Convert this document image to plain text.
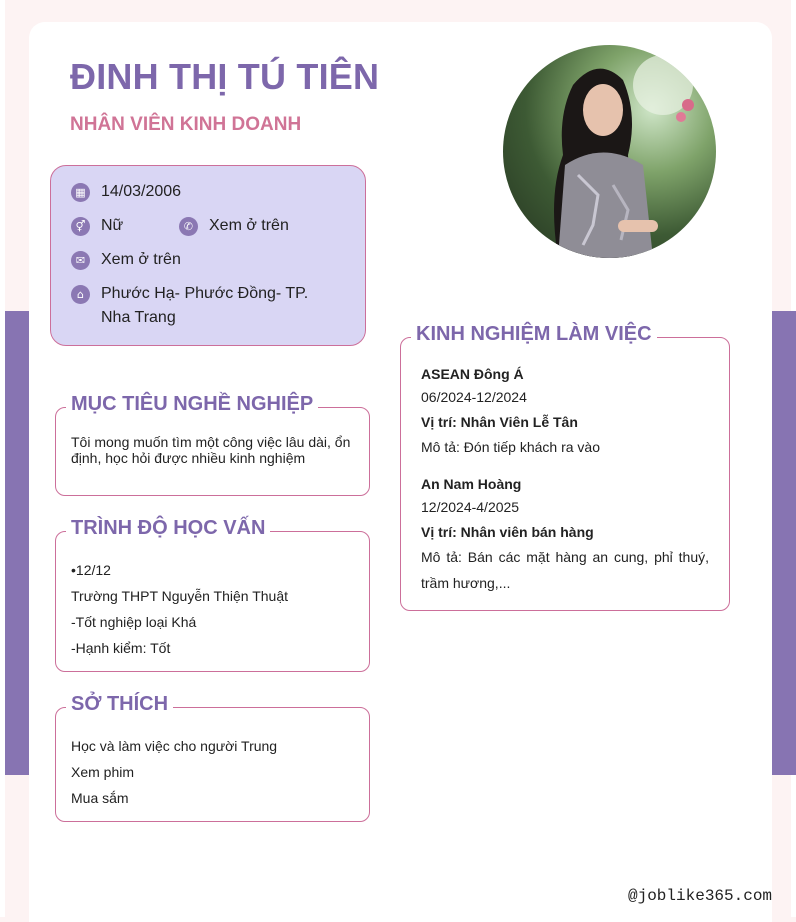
ĐINH THỊ TÚ TIÊN
NHÂN VIÊN KINH DOANH
▦ 14/03/2006
⚥ Nữ	✆ Xem ở trên
✉ Xem ở trên
⌂	Phước Hạ- Phước Đồng- TP. Nha Trang
MỤC TIÊU NGHỀ NGHIỆP
Tôi mong muốn tìm một công việc lâu dài, ổn định, học hỏi được nhiều kinh nghiệm
TRÌNH ĐỘ HỌC VẤN
•12/12
Trường THPT Nguyễn Thiện Thuật
-Tốt nghiệp loại Khá
-Hạnh kiểm: Tốt
SỞ THÍCH
Học và làm việc cho người Trung
Xem phim
Mua sắm
KINH NGHIỆM LÀM VIỆC
ASEAN Đông Á
06/2024-12/2024
Vị trí: Nhân Viên Lễ Tân
Mô tả: Đón tiếp khách ra vào
An Nam Hoàng
12/2024-4/2025
Vị trí: Nhân viên bán hàng
Mô tả: Bán các mặt hàng an cung, phỉ thuý, trầm hương,...
@joblike365.com
